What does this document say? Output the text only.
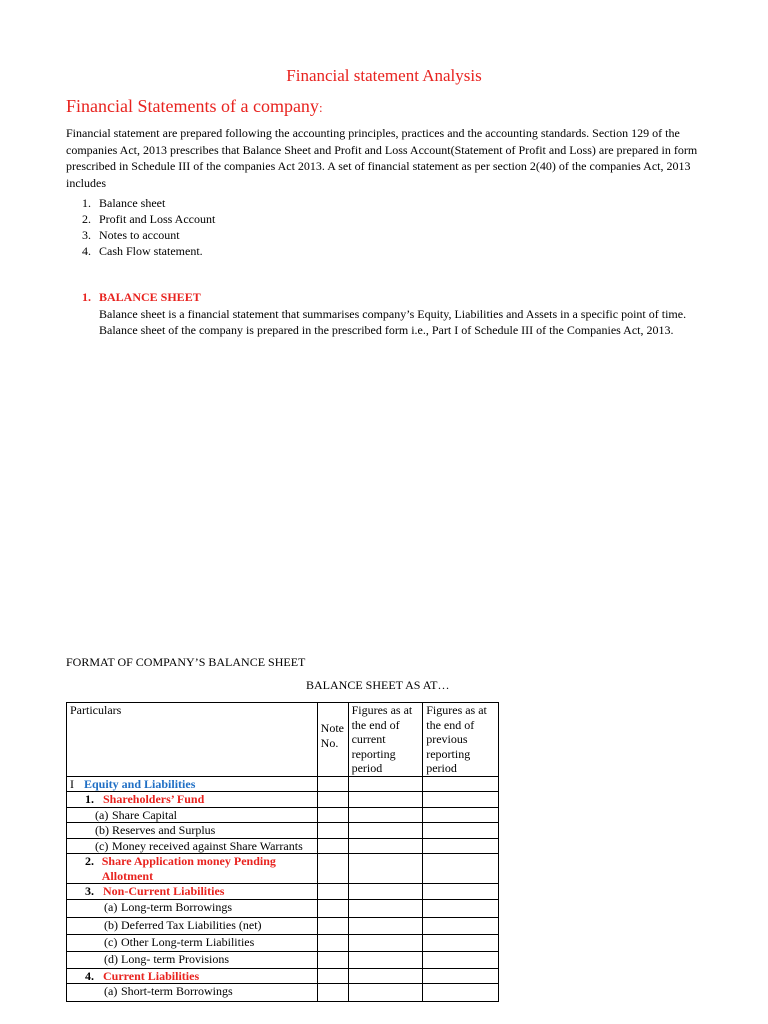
Financial statement Analysis
Financial Statements of a company:
Financial statement are prepared following the accounting principles, practices and the accounting standards. Section 129 of the companies Act, 2013 prescribes that Balance Sheet and Profit and Loss Account(Statement of Profit and Loss) are prepared in form prescribed in Schedule III of the companies Act 2013. A set of financial statement as per section 2(40) of the companies Act, 2013 includes
1. Balance sheet
2. Profit and Loss Account
3. Notes to account
4. Cash Flow statement.
1. BALANCE SHEET

Balance sheet is a financial statement that summarises company’s Equity, Liabilities and Assets in a specific point of time.

Balance sheet of the company is prepared in the prescribed form i.e., Part I of Schedule III of the Companies Act, 2013.

FORMAT OF COMPANY’S BALANCE SHEET
BALANCE SHEET AS AT…
Particulars	Note No.	Figures as at the end of current reporting period	Figures as at the end of previous reporting period
I Equity and Liabilities			
1. Shareholders’ Fund			
(a) Share Capital			
(b) Reserves and Surplus			

(c) Money received against Share Warrants			

2. Share Application money Pending Allotment			

3. Non-Current Liabilities			
(a) Long-term Borrowings			
(b) Deferred Tax Liabilities (net)			
(c) Other Long-term Liabilities			
(d) Long- term Provisions			
4. Current Liabilities			
(a) Short-term Borrowings			
